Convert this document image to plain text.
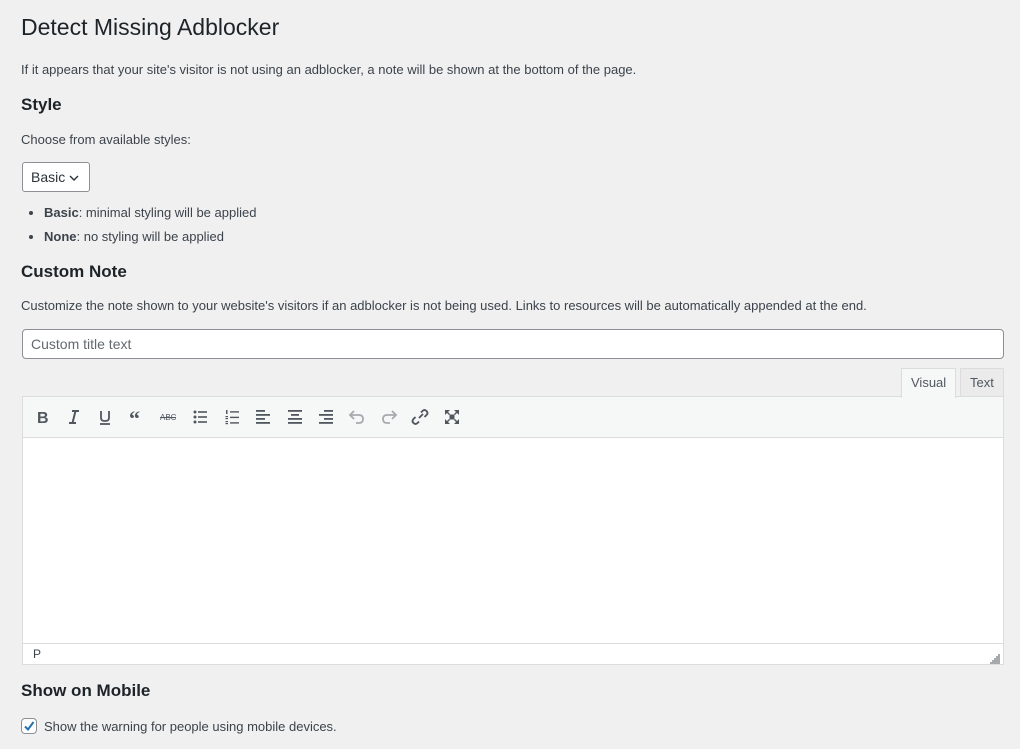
Detect Missing Adblocker
If it appears that your site's visitor is not using an adblocker, a note will be shown at the bottom of the page.
Style
Choose from available styles:
Basic
• Basic: minimal styling will be applied
• None: no styling will be applied
Custom Note
Customize the note shown to your website's visitors if an adblocker is not being used. Links to resources will be automatically appended at the end.
Custom title text
Visual	Text
B	“	ABC
P
Show on Mobile
Show the warning for people using mobile devices.
